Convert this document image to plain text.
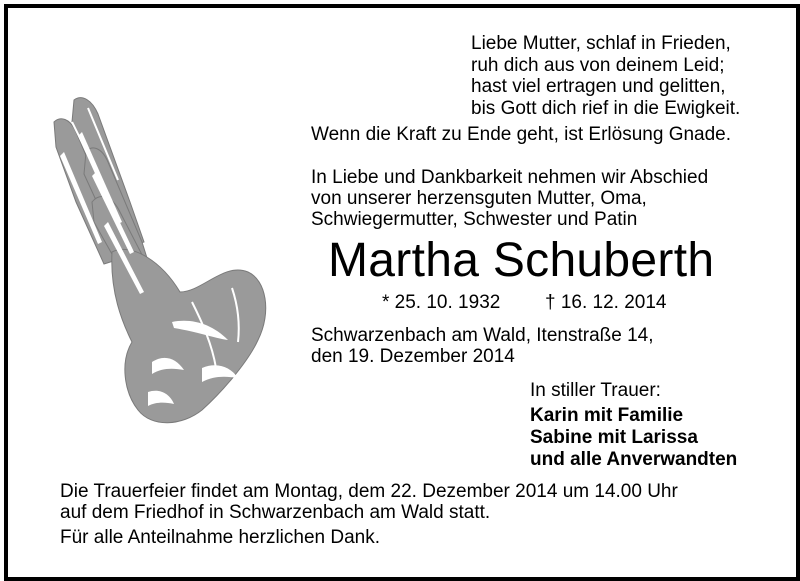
Liebe Mutter, schlaf in Frieden,
ruh dich aus von deinem Leid;
hast viel ertragen und gelitten,
bis Gott dich rief in die Ewigkeit.
Wenn die Kraft zu Ende geht, ist Erlösung Gnade.
In Liebe und Dankbarkeit nehmen wir Abschied
von unserer herzensguten Mutter, Oma,
Schwiegermutter, Schwester und Patin
Martha Schuberth
* 25. 10. 1932 † 16. 12. 2014
Schwarzenbach am Wald, Itenstraße 14,
den 19. Dezember 2014
In stiller Trauer:
Karin mit Familie
Sabine mit Larissa
und alle Anverwandten
Die Trauerfeier findet am Montag, dem 22. Dezember 2014 um 14.00 Uhr
auf dem Friedhof in Schwarzenbach am Wald statt.
Für alle Anteilnahme herzlichen Dank.
